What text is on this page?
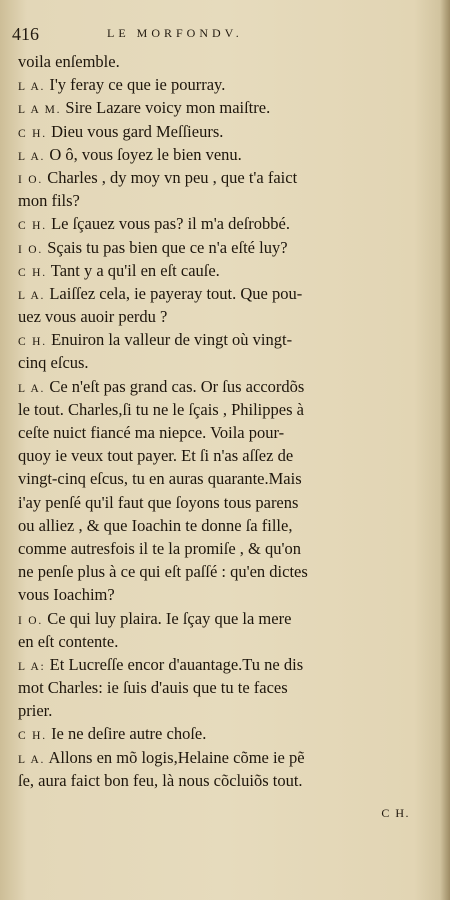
416	LE MORFONDV.
voila enſemble.
L A. I'y feray ce que ie pourray.
L A M. Sire Lazare voicy mon maiſtre.
C H. Dieu vous gard Meſſieurs.
L A. O ô, vous ſoyez le bien venu.
I O. Charles , dy moy vn peu , que t'a faict
mon fils?
C H. Le ſçauez vous pas? il m'a deſrobbé.
I O. Sçais tu pas bien que ce n'a eſté luy?
C H. Tant y a qu'il en eſt cauſe.
L A. Laiſſez cela, ie payeray tout. Que pou-
uez vous auoir perdu ?
C H. Enuiron la valleur de vingt où vingt-
cinq eſcus.
L A. Ce n'eſt pas grand cas. Or ſus accordõs
le tout. Charles,ſi tu ne le ſçais , Philippes à
ceſte nuict fiancé ma niepce. Voila pour-
quoy ie veux tout payer. Et ſi n'as aſſez de
vingt-cinq eſcus, tu en auras quarante.Mais
i'ay penſé qu'il faut que ſoyons tous parens
ou alliez , & que Ioachin te donne ſa fille,
comme autresfois il te la promiſe , & qu'on
ne penſe plus à ce qui eſt paſſé : qu'en dictes
vous Ioachim?
I O. Ce qui luy plaira. Ie ſçay que la mere
en eſt contente.
L A: Et Lucreſſe encor d'auantage.Tu ne dis
mot Charles: ie ſuis d'auis que tu te faces
prier.
C H. Ie ne deſire autre choſe.
L A. Allons en mõ logis,Helaine cõme ie pẽ
ſe, aura faict bon feu, là nous cõcluiõs tout.
C H.
